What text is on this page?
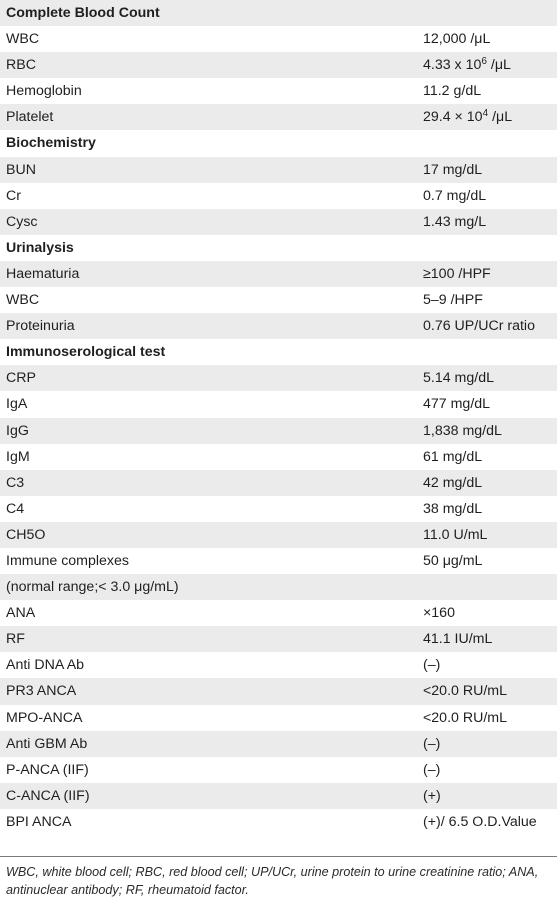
Complete Blood Count
WBC	12,000 /μL
RBC	4.33 x $10^6$ /μL
Hemoglobin	11.2 g/dL
Platelet	$29.4 \times 10^4$ /μL
Biochemistry
BUN	17 mg/dL
Cr	0.7 mg/dL
Cysc	1.43 mg/L
Urinalysis
Haematuria	≥100 /HPF
WBC	5–9 /HPF
Proteinuria	0.76 UP/UCr ratio
Immunoserological test
CRP	5.14 mg/dL
IgA	477 mg/dL
IgG	1,838 mg/dL
IgM	61 mg/dL
C3	42 mg/dL
C4	38 mg/dL
CH5O	11.0 U/mL
Immune complexes	50 μg/mL
(normal range;< 3.0 μg/mL)
ANA	×160
RF	41.1 IU/mL
Anti DNA Ab	(–)
PR3 ANCA	<20.0 RU/mL
MPO-ANCA	<20.0 RU/mL
Anti GBM Ab	(–)
P-ANCA (IIF)	(–)
C-ANCA (IIF)	(+)
BPI ANCA	(+)/ 6.5 O.D.Value
WBC, white blood cell; RBC, red blood cell; UP/UCr, urine protein to urine creatinine ratio; ANA, antinuclear antibody; RF, rheumatoid factor.
